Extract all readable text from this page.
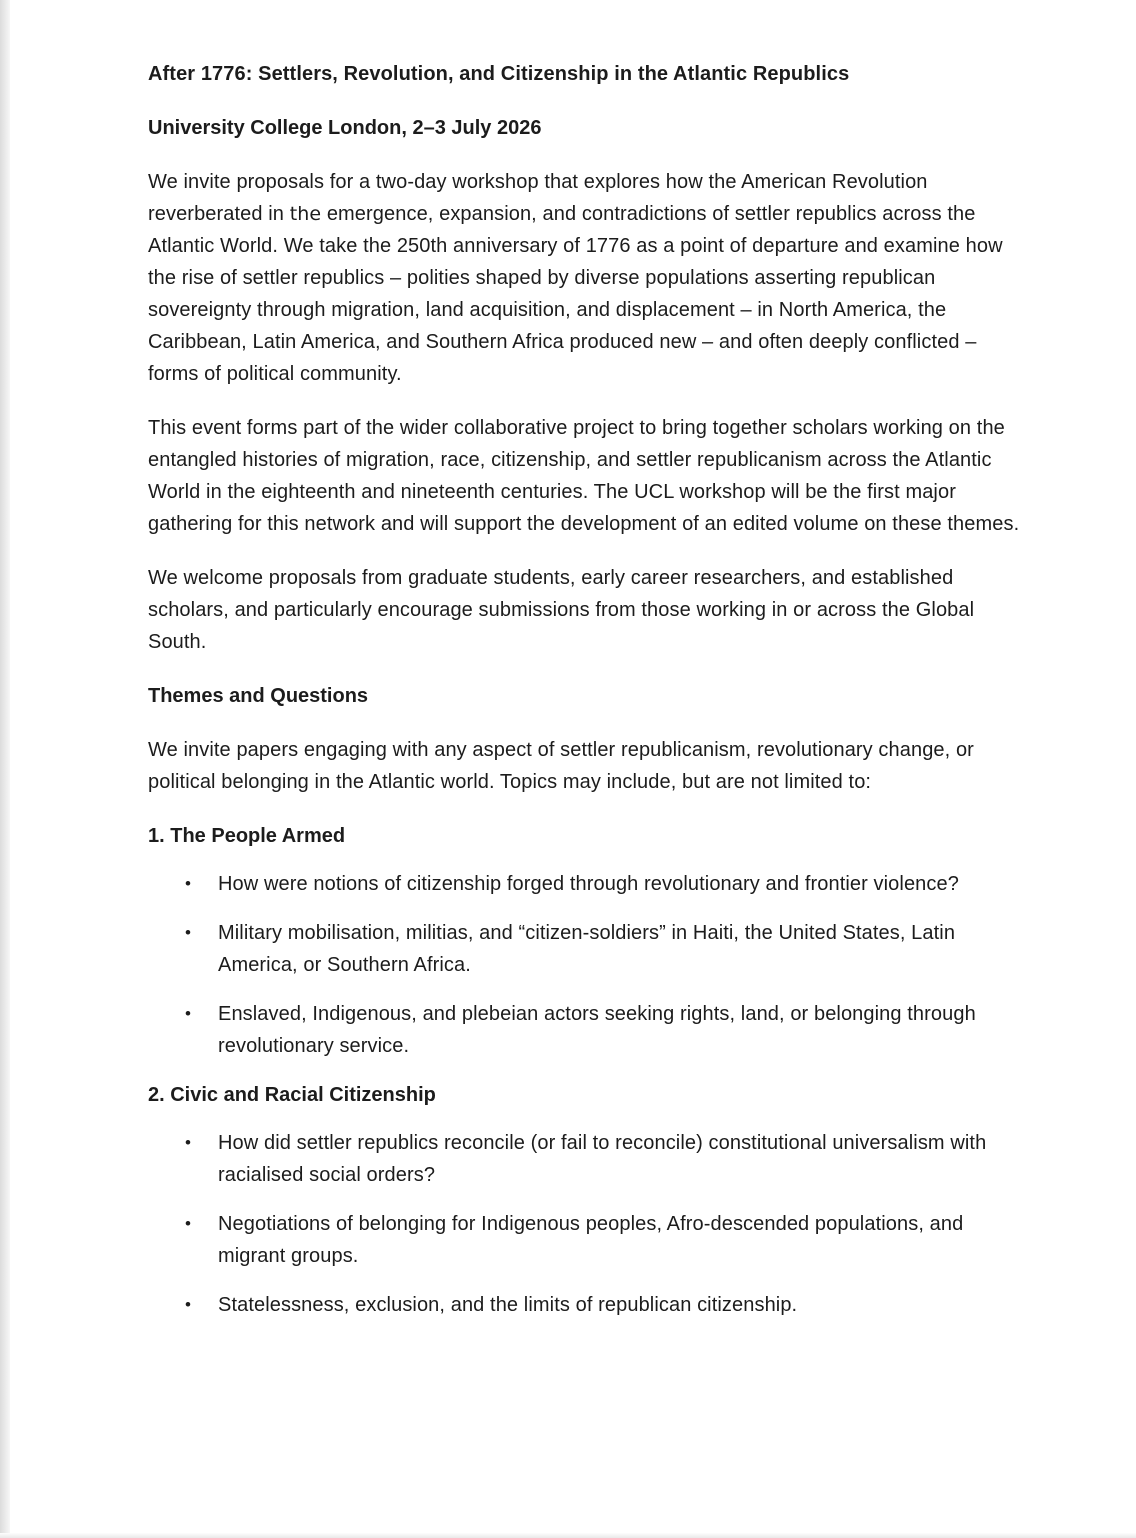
After 1776: Settlers, Revolution, and Citizenship in the Atlantic Republics
University College London, 2–3 July 2026

We invite proposals for a two-day workshop that explores how the American Revolution reverberated in the emergence, expansion, and contradictions of settler republics across the Atlantic World. We take the 250th anniversary of 1776 as a point of departure and examine how the rise of settler republics – polities shaped by diverse populations asserting republican sovereignty through migration, land acquisition, and displacement – in North America, the Caribbean, Latin America, and Southern Africa produced new – and often deeply conflicted – forms of political community.

This event forms part of the wider collaborative project to bring together scholars working on the entangled histories of migration, race, citizenship, and settler republicanism across the Atlantic World in the eighteenth and nineteenth centuries. The UCL workshop will be the first major gathering for this network and will support the development of an edited volume on these themes.

We welcome proposals from graduate students, early career researchers, and established scholars, and particularly encourage submissions from those working in or across the Global South.

Themes and Questions

We invite papers engaging with any aspect of settler republicanism, revolutionary change, or political belonging in the Atlantic world. Topics may include, but are not limited to:

1. The People Armed
•	How were notions of citizenship forged through revolutionary and frontier violence?
•	Military mobilisation, militias, and “citizen-soldiers” in Haiti, the United States, Latin America, or Southern Africa.
•	Enslaved, Indigenous, and plebeian actors seeking rights, land, or belonging through revolutionary service.
2. Civic and Racial Citizenship
•	How did settler republics reconcile (or fail to reconcile) constitutional universalism with racialised social orders?
•	Negotiations of belonging for Indigenous peoples, Afro-descended populations, and migrant groups.
•	Statelessness, exclusion, and the limits of republican citizenship.
